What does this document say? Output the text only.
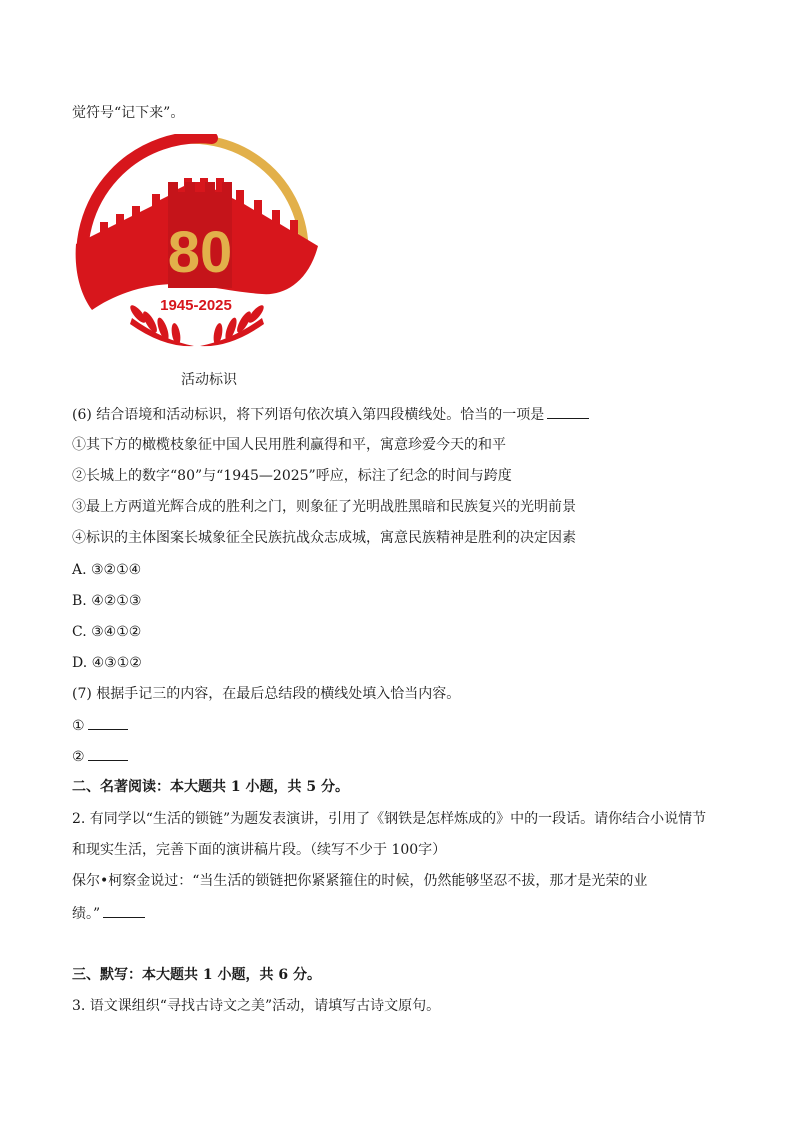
觉符号“记下来”。
80
1945-2025
活动标识
(6) 结合语境和活动标识，将下列语句依次填入第四段横线处。恰当的一项是
①其下方的橄榄枝象征中国人民用胜利赢得和平，寓意珍爱今天的和平
②长城上的数字“80”与“1945—2025”呼应，标注了纪念的时间与跨度
③最上方两道光辉合成的胜利之门，则象征了光明战胜黑暗和民族复兴的光明前景
④标识的主体图案长城象征全民族抗战众志成城，寓意民族精神是胜利的决定因素
A. ③②①④
B. ④②①③
C. ③④①②
D. ④③①②
(7) 根据手记三的内容，在最后总结段的横线处填入恰当内容。
①
②
二、名著阅读：本大题共 1 小题，共 5 分。
2. 有同学以“生活的锁链”为题发表演讲，引用了《钢铁是怎样炼成的》中的一段话。请你结合小说情节
和现实生活，完善下面的演讲稿片段。（续写不少于 100字）
保尔•柯察金说过：“当生活的锁链把你紧紧箍住的时候，仍然能够坚忍不拔，那才是光荣的业
绩。”
三、默写：本大题共 1 小题，共 6 分。
3. 语文课组织“寻找古诗文之美”活动，请填写古诗文原句。
